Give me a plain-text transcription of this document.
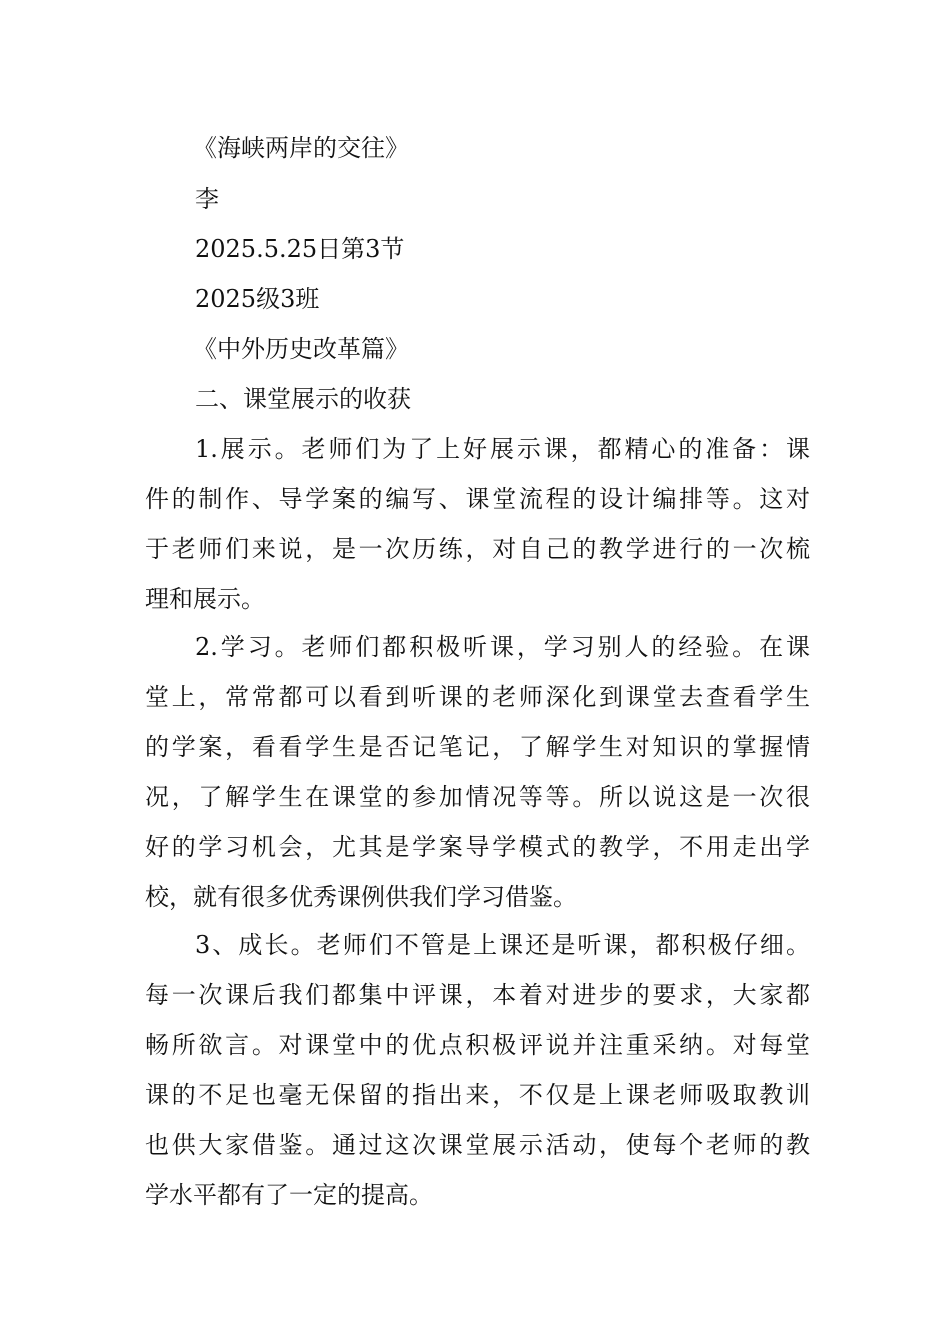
《海峡两岸的交往》
李
2025.5.25日第3节
2025级3班
《中外历史改革篇》
二、课堂展示的收获
1.展示。老师们为了上好展示课，都精心的准备：课
件的制作、导学案的编写、课堂流程的设计编排等。这对
于老师们来说，是一次历练，对自己的教学进行的一次梳
理和展示。
2.学习。老师们都积极听课，学习别人的经验。在课
堂上，常常都可以看到听课的老师深化到课堂去查看学生
的学案，看看学生是否记笔记，了解学生对知识的掌握情
况，了解学生在课堂的参加情况等等。所以说这是一次很
好的学习机会，尤其是学案导学模式的教学，不用走出学
校，就有很多优秀课例供我们学习借鉴。
3、成长。老师们不管是上课还是听课，都积极仔细。
每一次课后我们都集中评课，本着对进步的要求，大家都
畅所欲言。对课堂中的优点积极评说并注重采纳。对每堂
课的不足也毫无保留的指出来，不仅是上课老师吸取教训
也供大家借鉴。通过这次课堂展示活动，使每个老师的教
学水平都有了一定的提高。
